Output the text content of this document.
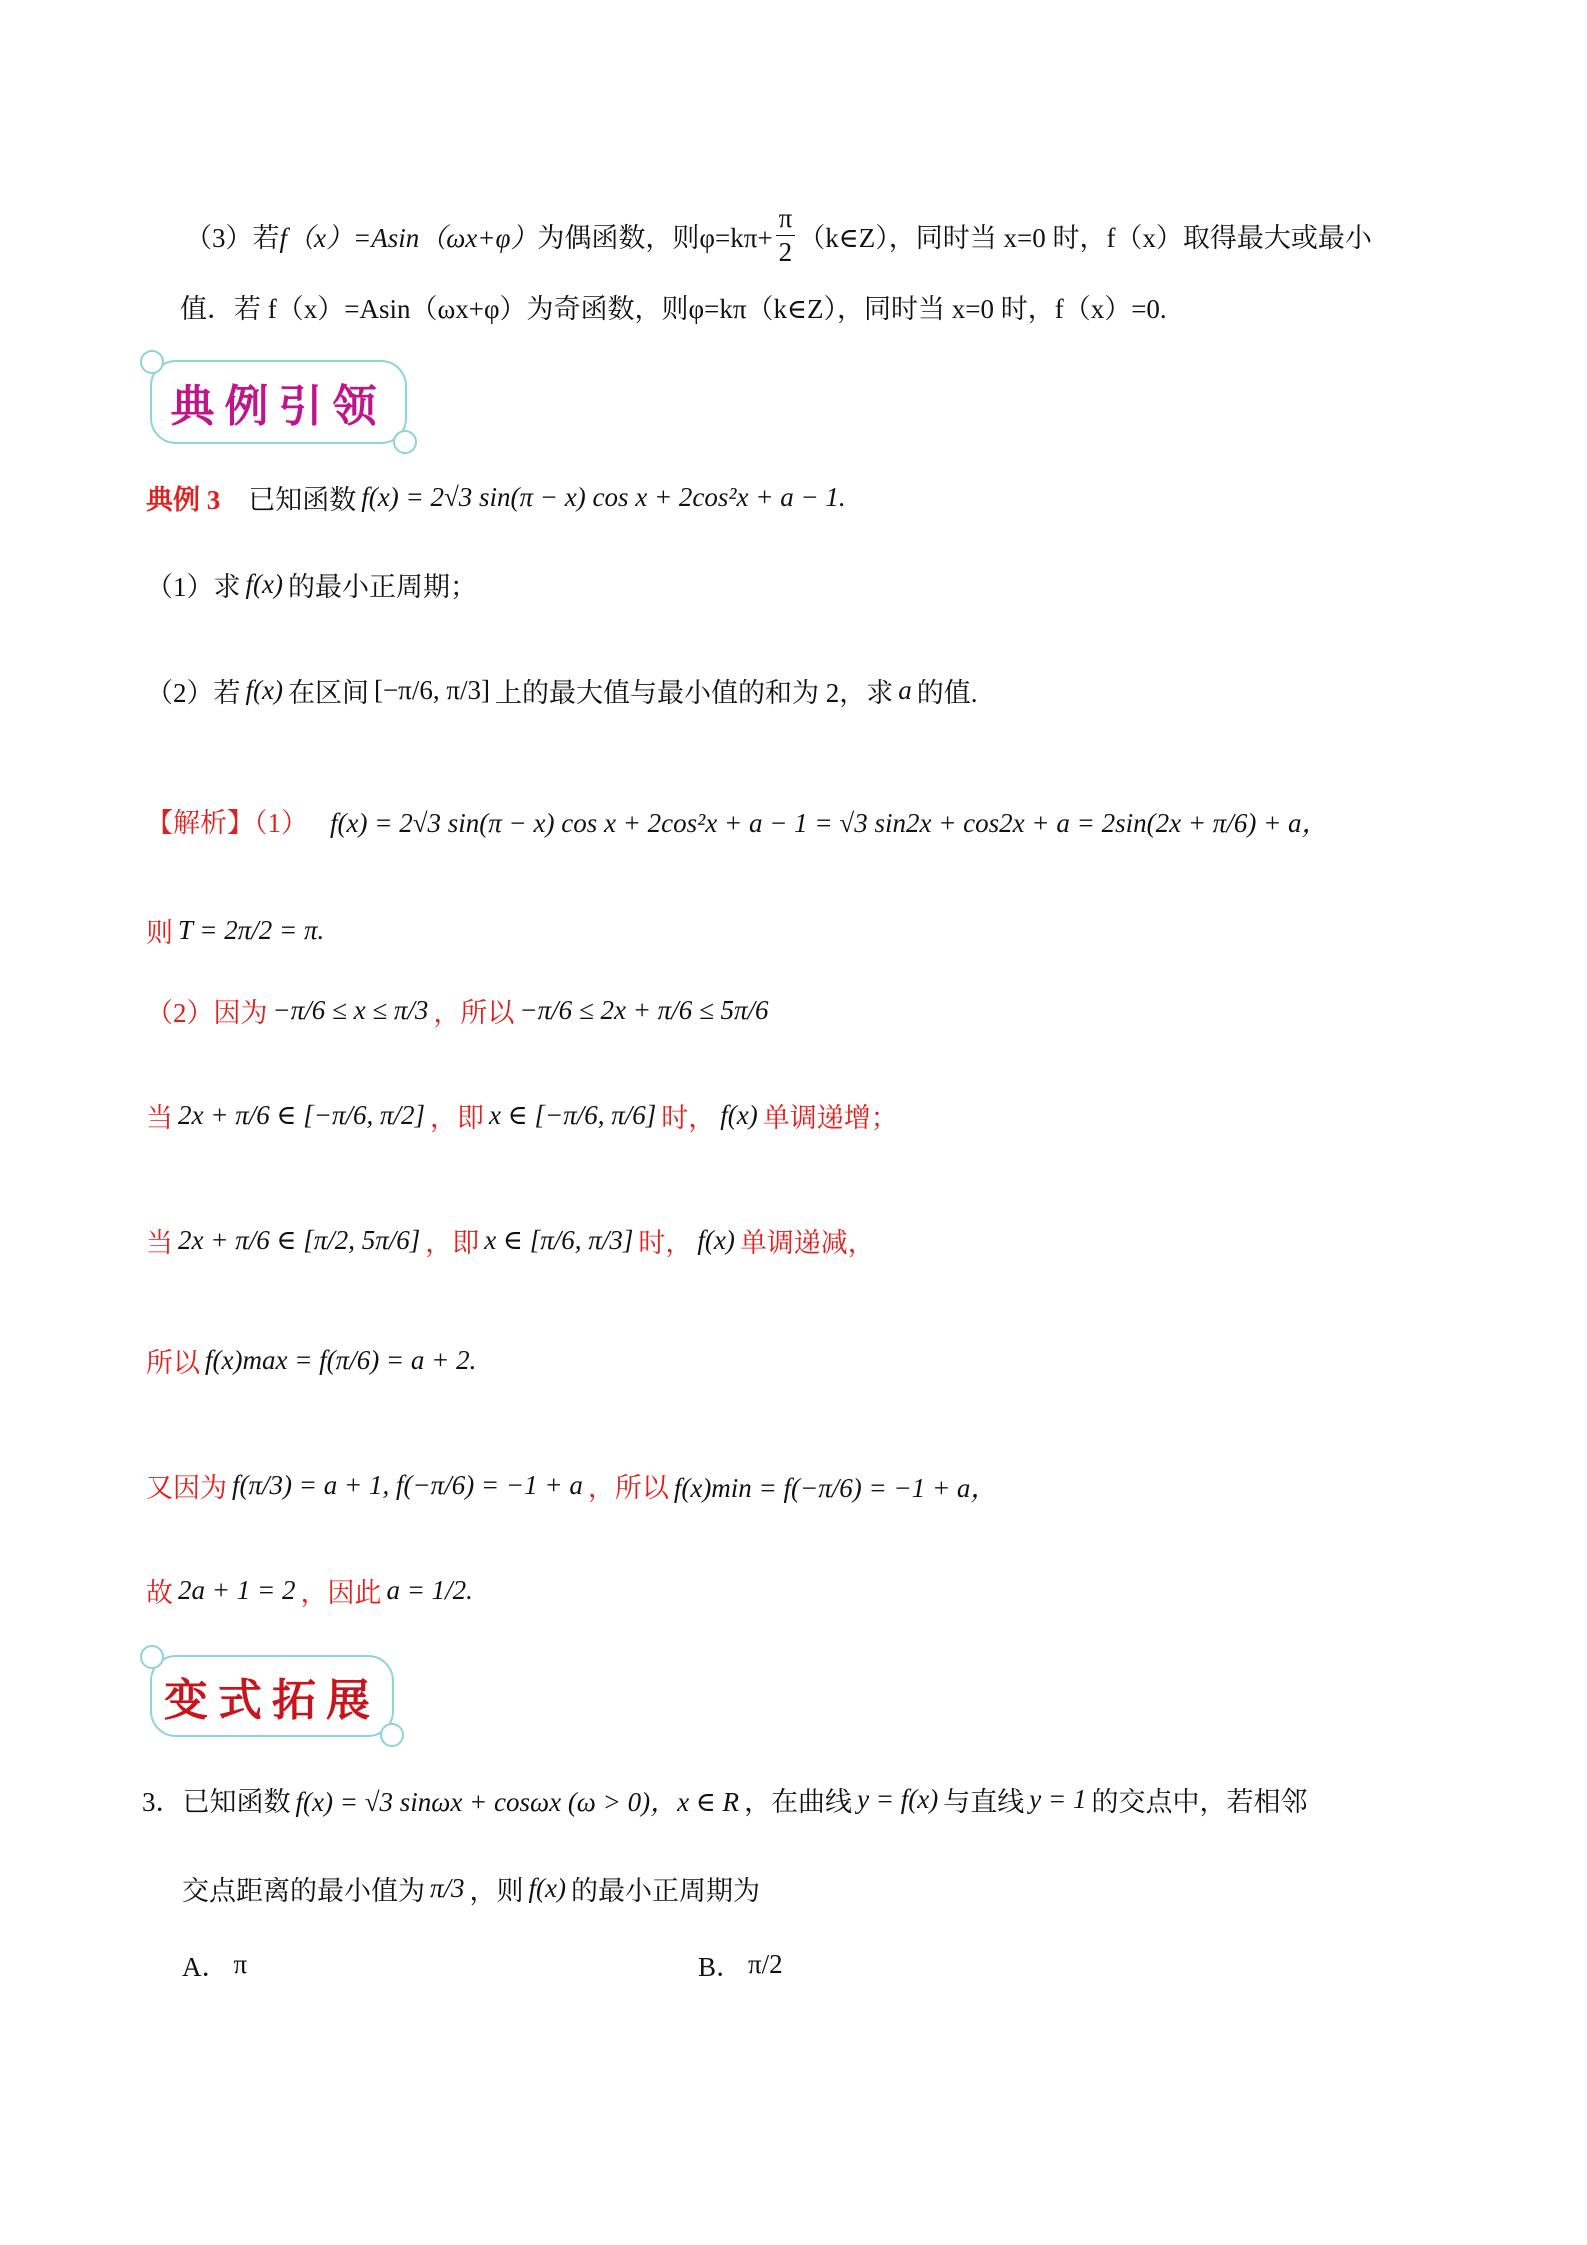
（3）若 f（x）=Asin（ωx+φ） 为偶函数，则$\varphi=k\pi+ \frac{\pi}{2}$ （k∈Z），同时当 x=0 时，f（x）取得最大或最小
值．若 f（x）=Asin（ωx+φ）为奇函数，则φ=kπ（k∈Z），同时当 x=0 时，f（x）=0.
典例引领
典例 3 已知函数 f(x) = 2√3 sin(π − x) cos x + 2cos²x + a − 1.
（1）求 f(x) 的最小正周期；
（2）若 f(x) 在区间 [−π/6, π/3] 上的最大值与最小值的和为 2，求 a 的值.
【解析】（1） f(x) = 2√3 sin(π − x) cos x + 2cos²x + a − 1 = √3 sin2x + cos2x + a = 2sin(2x + π/6) + a，
则 T = 2π/2 = π.
（2）因为 −π/6 ≤ x ≤ π/3 ，所以 −π/6 ≤ 2x + π/6 ≤ 5π/6
当 2x + π/6 ∈ [−π/6, π/2] ，即 x ∈ [−π/6, π/6] 时， f(x) 单调递增；
当 2x + π/6 ∈ [π/2, 5π/6] ，即 x ∈ [π/6, π/3] 时， f(x) 单调递减，
所以 f(x)max = f(π/6) = a + 2.
又因为 f(π/3) = a + 1, f(−π/6) = −1 + a ，所以 f(x)min = f(−π/6) = −1 + a，
故 2a + 1 = 2 ，因此 a = 1/2.
变式拓展
3． 已知函数 f(x) = √3 sinωx + cosωx (ω > 0)，x ∈ R ，在曲线 y = f(x) 与直线 y = 1 的交点中，若相邻
交点距离的最小值为 π/3 ，则 f(x) 的最小正周期为
A． π	B． π/2
